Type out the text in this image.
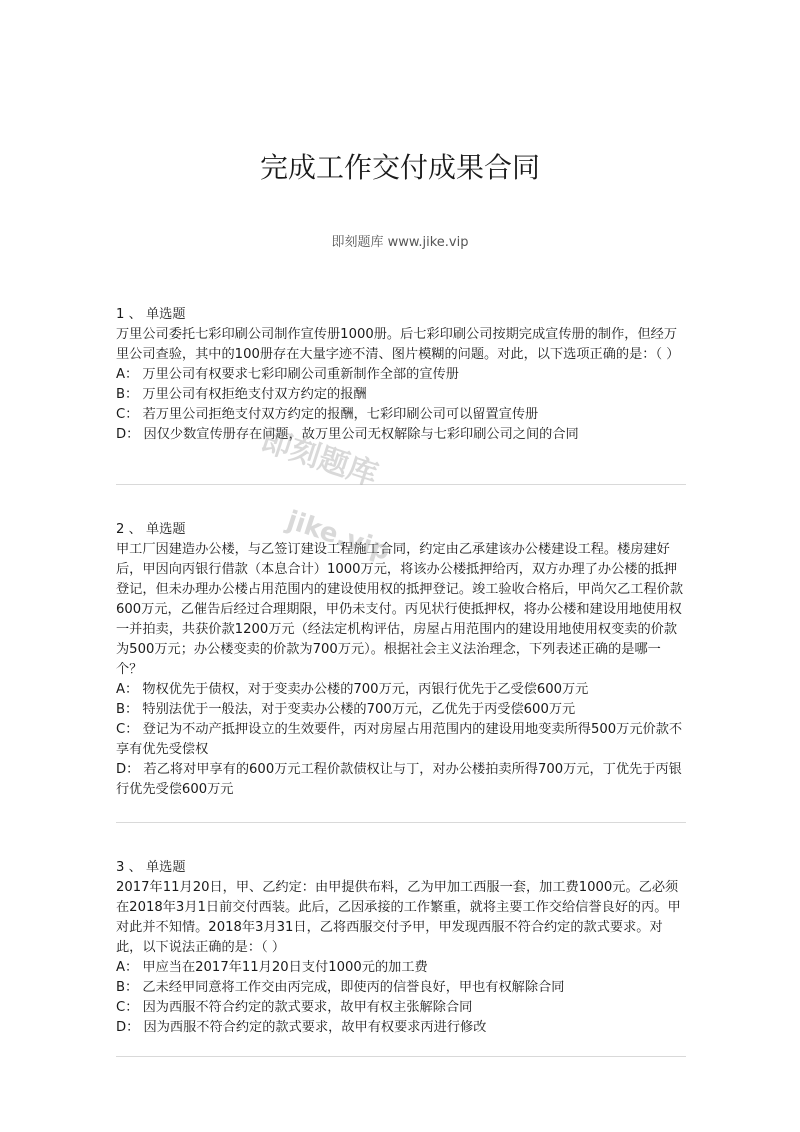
完成工作交付成果合同
即刻题库 www.jike.vip

1 、 单选题

万里公司委托七彩印刷公司制作宣传册1000册。后七彩印刷公司按期完成宣传册的制作，但经万里公司查验，其中的100册存在大量字迹不清、图片模糊的问题。对此，以下选项正确的是：（ ）

A： 万里公司有权要求七彩印刷公司重新制作全部的宣传册

B： 万里公司有权拒绝支付双方约定的报酬

C： 若万里公司拒绝支付双方约定的报酬，七彩印刷公司可以留置宣传册

D： 因仅少数宣传册存在问题，故万里公司无权解除与七彩印刷公司之间的合同

2 、 单选题

甲工厂因建造办公楼，与乙签订建设工程施工合同，约定由乙承建该办公楼建设工程。楼房建好后，甲因向丙银行借款（本息合计）1000万元，将该办公楼抵押给丙，双方办理了办公楼的抵押登记，但未办理办公楼占用范围内的建设使用权的抵押登记。竣工验收合格后，甲尚欠乙工程价款600万元，乙催告后经过合理期限，甲仍未支付。丙见状行使抵押权，将办公楼和建设用地使用权一并拍卖，共获价款1200万元（经法定机构评估，房屋占用范围内的建设用地使用权变卖的价款为500万元；办公楼变卖的价款为700万元）。根据社会主义法治理念，下列表述正确的是哪一个？

A： 物权优先于债权，对于变卖办公楼的700万元，丙银行优先于乙受偿600万元

B： 特别法优于一般法，对于变卖办公楼的700万元，乙优先于丙受偿600万元

C： 登记为不动产抵押设立的生效要件，丙对房屋占用范围内的建设用地变卖所得500万元价款不享有优先受偿权

D： 若乙将对甲享有的600万元工程价款债权让与丁，对办公楼拍卖所得700万元，丁优先于丙银行优先受偿600万元

3 、 单选题

2017年11月20日，甲、乙约定：由甲提供布料，乙为甲加工西服一套，加工费1000元。乙必须在2018年3月1日前交付西装。此后，乙因承接的工作繁重，就将主要工作交给信誉良好的丙。甲对此并不知情。2018年3月31日，乙将西服交付予甲，甲发现西服不符合约定的款式要求。对此，以下说法正确的是：（ ）

A： 甲应当在2017年11月20日支付1000元的加工费

B： 乙未经甲同意将工作交由丙完成，即使丙的信誉良好，甲也有权解除合同

C： 因为西服不符合约定的款式要求，故甲有权主张解除合同

D： 因为西服不符合约定的款式要求，故甲有权要求丙进行修改

即刻题库

jike.vip
